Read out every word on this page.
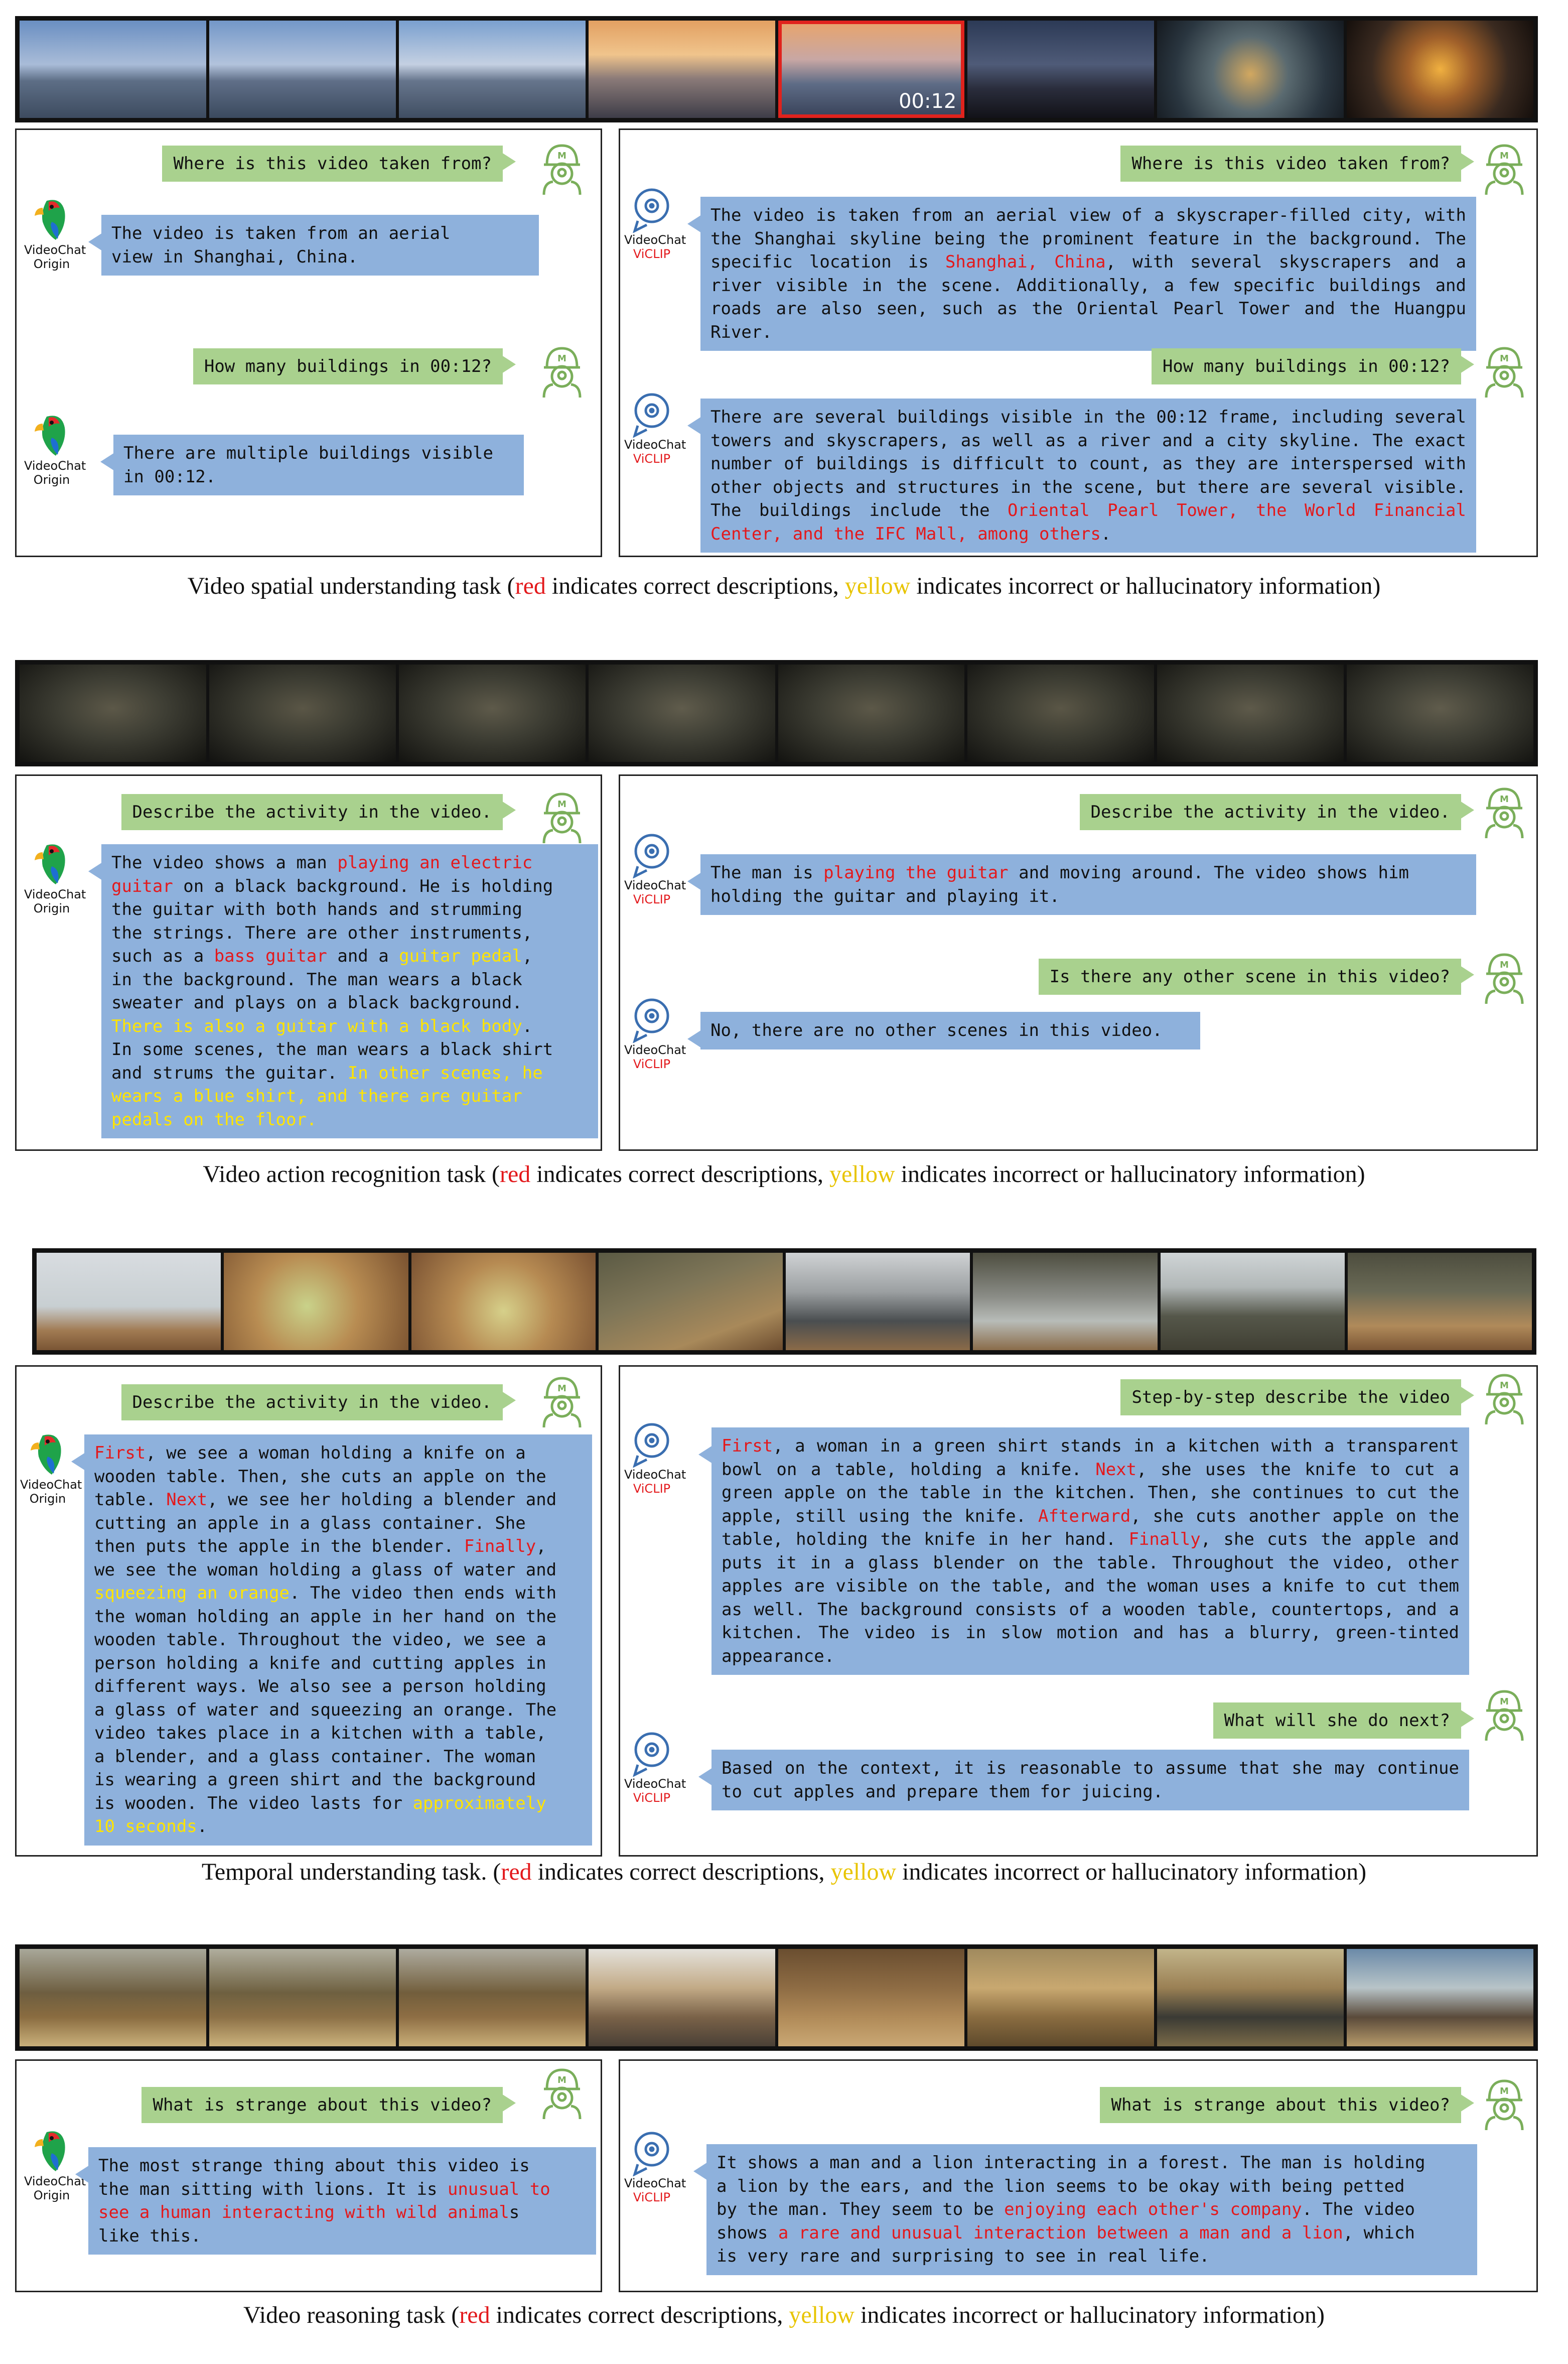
00:12
Where is this video taken from?	M
VideoChat
Origin
The video is taken from an aerial
view in Shanghai, China.
How many buildings in 00:12?	M
VideoChat
Origin
There are multiple buildings visible
in 00:12.
Where is this video taken from?	M
VideoChat
ViCLIP
The video is taken from an aerial view of a skyscraper-filled city, with the Shanghai skyline being the prominent feature in the background. The specific location is Shanghai, China, with several skyscrapers and a river visible in the scene. Additionally, a few specific buildings and roads are also seen, such as the Oriental Pearl Tower and the Huangpu River.
How many buildings in 00:12?	M
VideoChat
ViCLIP
There are several buildings visible in the 00:12 frame, including several towers and skyscrapers, as well as a river and a city skyline. The exact number of buildings is difficult to count, as they are interspersed with other objects and structures in the scene, but there are several visible. The buildings include the Oriental Pearl Tower, the World Financial Center, and the IFC Mall, among others.
Video spatial understanding task (red indicates correct descriptions, yellow indicates incorrect or hallucinatory information)
Describe the activity in the video.	M
VideoChat
Origin
The video shows a man playing an electric
guitar on a black background. He is holding
the guitar with both hands and strumming
the strings. There are other instruments,
such as a bass guitar and a guitar pedal,
in the background. The man wears a black
sweater and plays on a black background.
There is also a guitar with a black body.
In some scenes, the man wears a black shirt
and strums the guitar. In other scenes, he
wears a blue shirt, and there are guitar
pedals on the floor.
Describe the activity in the video.
M
VideoChat
ViCLIP
The man is playing the guitar and moving around. The video shows him
holding the guitar and playing it.
Is there any other scene in this video?
M
VideoChat
ViCLIP
No, there are no other scenes in this video.
Video action recognition task (red indicates correct descriptions, yellow indicates incorrect or hallucinatory information)
Describe the activity in the video.
M
VideoChat
Origin
First, we see a woman holding a knife on a
wooden table. Then, she cuts an apple on the
table. Next, we see her holding a blender and
cutting an apple in a glass container. She
then puts the apple in the blender. Finally,
we see the woman holding a glass of water and
squeezing an orange. The video then ends with
the woman holding an apple in her hand on the
wooden table. Throughout the video, we see a
person holding a knife and cutting apples in
different ways. We also see a person holding
a glass of water and squeezing an orange. The
video takes place in a kitchen with a table,
a blender, and a glass container. The woman
is wearing a green shirt and the background
is wooden. The video lasts for approximately
10 seconds.
Step-by-step describe the video
M
VideoChat
ViCLIP
First, a woman in a green shirt stands in a kitchen with a transparent bowl on a table, holding a knife. Next, she uses the knife to cut a green apple on the table in the kitchen. Then, she continues to cut the apple, still using the knife. Afterward, she cuts another apple on the table, holding the knife in her hand. Finally, she cuts the apple and puts it in a glass blender on the table. Throughout the video, other apples are visible on the table, and the woman uses a knife to cut them as well. The background consists of a wooden table, countertops, and a kitchen. The video is in slow motion and has a blurry, green-tinted appearance.
What will she do next?
M
VideoChat
ViCLIP
Based on the context, it is reasonable to assume that she may continue to cut apples and prepare them for juicing.
Temporal understanding task. (red indicates correct descriptions, yellow indicates incorrect or hallucinatory information)
What is strange about this video?
M
VideoChat
Origin
The most strange thing about this video is
the man sitting with lions. It is unusual to
see a human interacting with wild animals
like this.
What is strange about this video?
M
VideoChat
ViCLIP
It shows a man and a lion interacting in a forest. The man is holding
a lion by the ears, and the lion seems to be okay with being petted
by the man. They seem to be enjoying each other's company. The video
shows a rare and unusual interaction between a man and a lion, which
is very rare and surprising to see in real life.
Video reasoning task (red indicates correct descriptions, yellow indicates incorrect or hallucinatory information)
